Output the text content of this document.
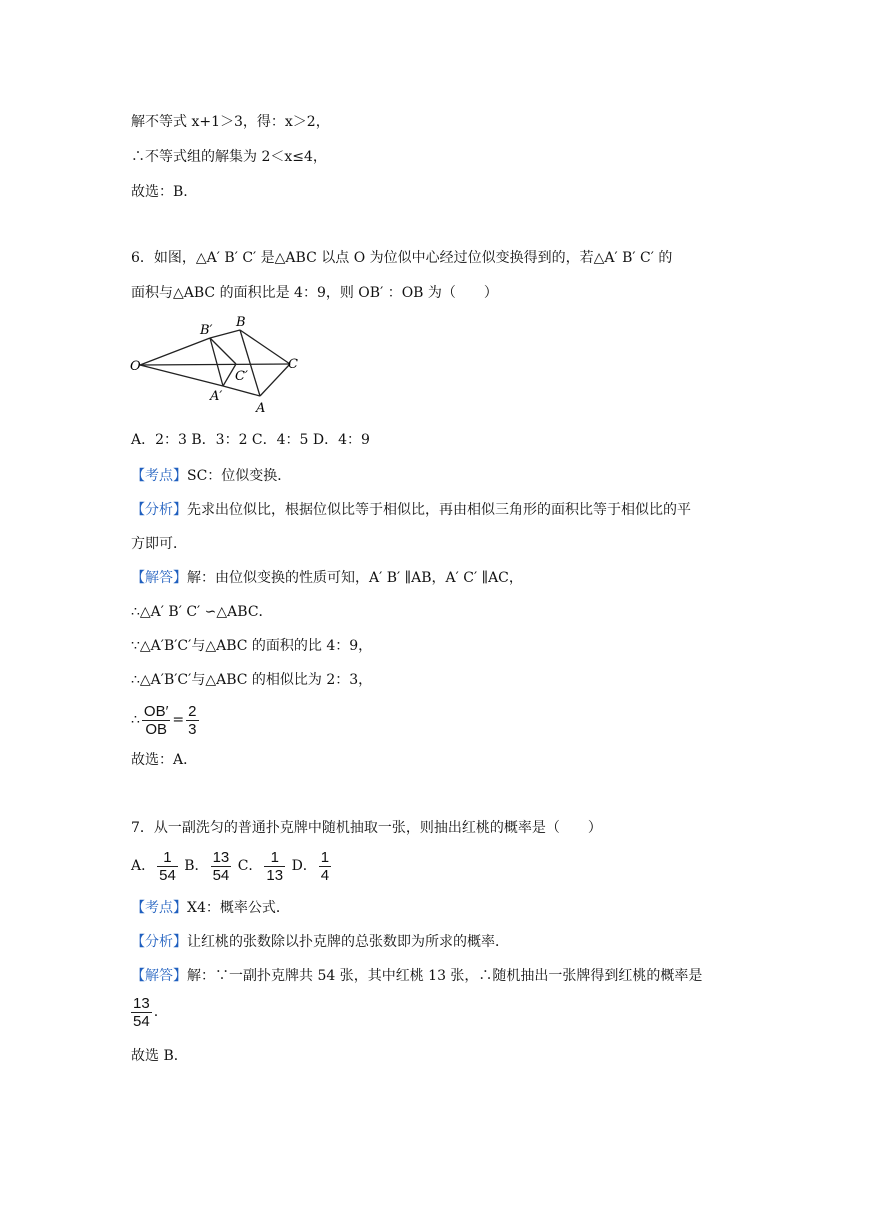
解不等式 x+1＞3，得：x＞2，
∴不等式组的解集为 2＜x≤4，
故选：B.
6．如图，△A′ B′ C′ 是△ABC 以点 O 为位似中心经过位似变换得到的，若△A′ B′ C′ 的
面积与△ABC 的面积比是 4：9，则 OB′ ：OB 为（　　）
O
B′
B
C
C′
A′
A
A．2：3 B．3：2 C．4：5 D．4：9
【考点】SC：位似变换．
【分析】先求出位似比，根据位似比等于相似比，再由相似三角形的面积比等于相似比的平
方即可．
【解答】解：由位似变换的性质可知，A′ B′ ∥AB，A′ C′ ∥AC，
∴△A′ B′ C′ ∽△ABC．
∵△A′B′C′与△ABC 的面积的比 4：9，
∴△A′B′C′与△ABC 的相似比为 2：3，
∴ $\frac{OB'}{OB} = \frac{2}{3}$
故选：A．
7．从一副洗匀的普通扑克牌中随机抽取一张，则抽出红桃的概率是（　　）
A． $\frac{1}{54}$ B． $\frac{13}{54}$ C． $\frac{1}{13}$ D． $\frac{1}{4}$
【考点】X4：概率公式．
【分析】让红桃的张数除以扑克牌的总张数即为所求的概率．
【解答】解：∵一副扑克牌共 54 张，其中红桃 13 张，∴随机抽出一张牌得到红桃的概率是
$\frac{13}{54}$ .
故选 B．
